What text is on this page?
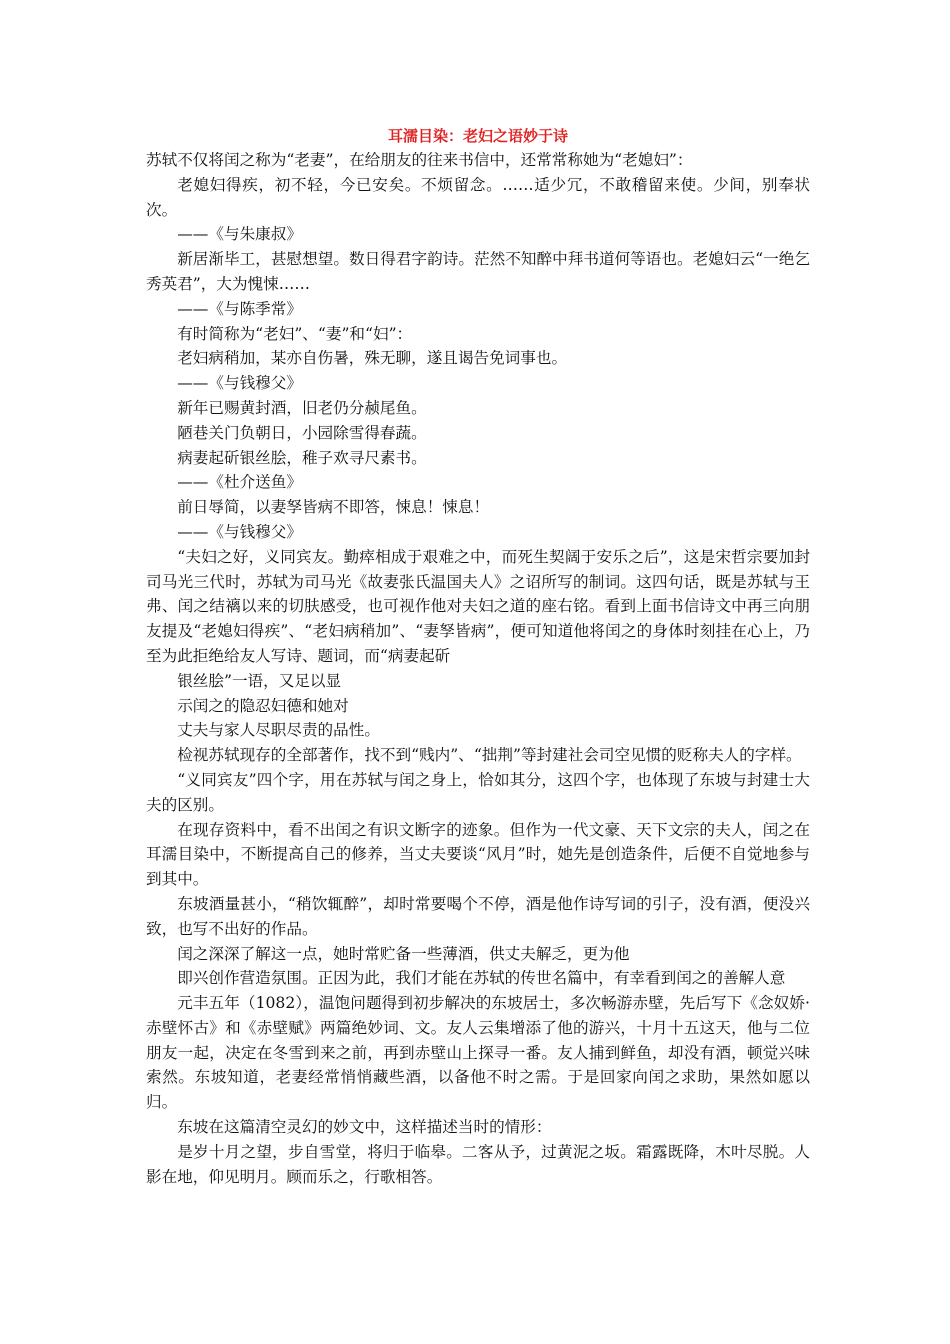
耳濡目染：老妇之语妙于诗

苏轼不仅将闰之称为“老妻”，在给朋友的往来书信中，还常常称她为“老媳妇”：

老媳妇得疾，初不轻，今已安矣。不烦留念。……适少冗，不敢稽留来使。少间，别奉状次。

——《与朱康叔》

新居渐毕工，甚慰想望。数日得君字韵诗。茫然不知醉中拜书道何等语也。老媳妇云“一绝乞秀英君”，大为愧悚……

——《与陈季常》

有时简称为“老妇”、“妻”和“妇”：

老妇病稍加，某亦自伤暑，殊无聊，遂且谒告免词事也。

——《与钱穆父》

新年已赐黄封酒，旧老仍分赪尾鱼。

陋巷关门负朝日，小园除雪得春蔬。

病妻起斫银丝脍，稚子欢寻尺素书。

——《杜介送鱼》

前日辱简，以妻孥皆病不即答，悚息！悚息！

——《与钱穆父》

“夫妇之好，义同宾友。勤瘁相成于艰难之中，而死生契阔于安乐之后”，这是宋哲宗要加封司马光三代时，苏轼为司马光《故妻张氏温国夫人》之诏所写的制词。这四句话，既是苏轼与王弗、闰之结褵以来的切肤感受，也可视作他对夫妇之道的座右铭。看到上面书信诗文中再三向朋友提及“老媳妇得疾”、“老妇病稍加”、“妻孥皆病”，便可知道他将闰之的身体时刻挂在心上，乃至为此拒绝给友人写诗、题词，而“病妻起斫

银丝脍”一语，又足以显

示闰之的隐忍妇德和她对

丈夫与家人尽职尽责的品性。

检视苏轼现存的全部著作，找不到“贱内”、“拙荆”等封建社会司空见惯的贬称夫人的字样。

“义同宾友”四个字，用在苏轼与闰之身上，恰如其分，这四个字，也体现了东坡与封建士大夫的区别。

在现存资料中，看不出闰之有识文断字的迹象。但作为一代文豪、天下文宗的夫人，闰之在耳濡目染中，不断提高自己的修养，当丈夫要谈“风月”时，她先是创造条件，后便不自觉地参与到其中。

东坡酒量甚小，“稍饮辄醉”，却时常要喝个不停，酒是他作诗写词的引子，没有酒，便没兴致，也写不出好的作品。

闰之深深了解这一点，她时常贮备一些薄酒，供丈夫解乏，更为他

即兴创作营造氛围。正因为此，我们才能在苏轼的传世名篇中，有幸看到闰之的善解人意

元丰五年（1082），温饱问题得到初步解决的东坡居士，多次畅游赤壁，先后写下《念奴娇·赤壁怀古》和《赤壁赋》两篇绝妙词、文。友人云集增添了他的游兴，十月十五这天，他与二位朋友一起，决定在冬雪到来之前，再到赤壁山上探寻一番。友人捕到鲜鱼，却没有酒，顿觉兴味索然。东坡知道，老妻经常悄悄藏些酒，以备他不时之需。于是回家向闰之求助，果然如愿以归。

东坡在这篇清空灵幻的妙文中，这样描述当时的情形：

是岁十月之望，步自雪堂，将归于临皋。二客从予，过黄泥之坂。霜露既降，木叶尽脱。人影在地，仰见明月。顾而乐之，行歌相答。
